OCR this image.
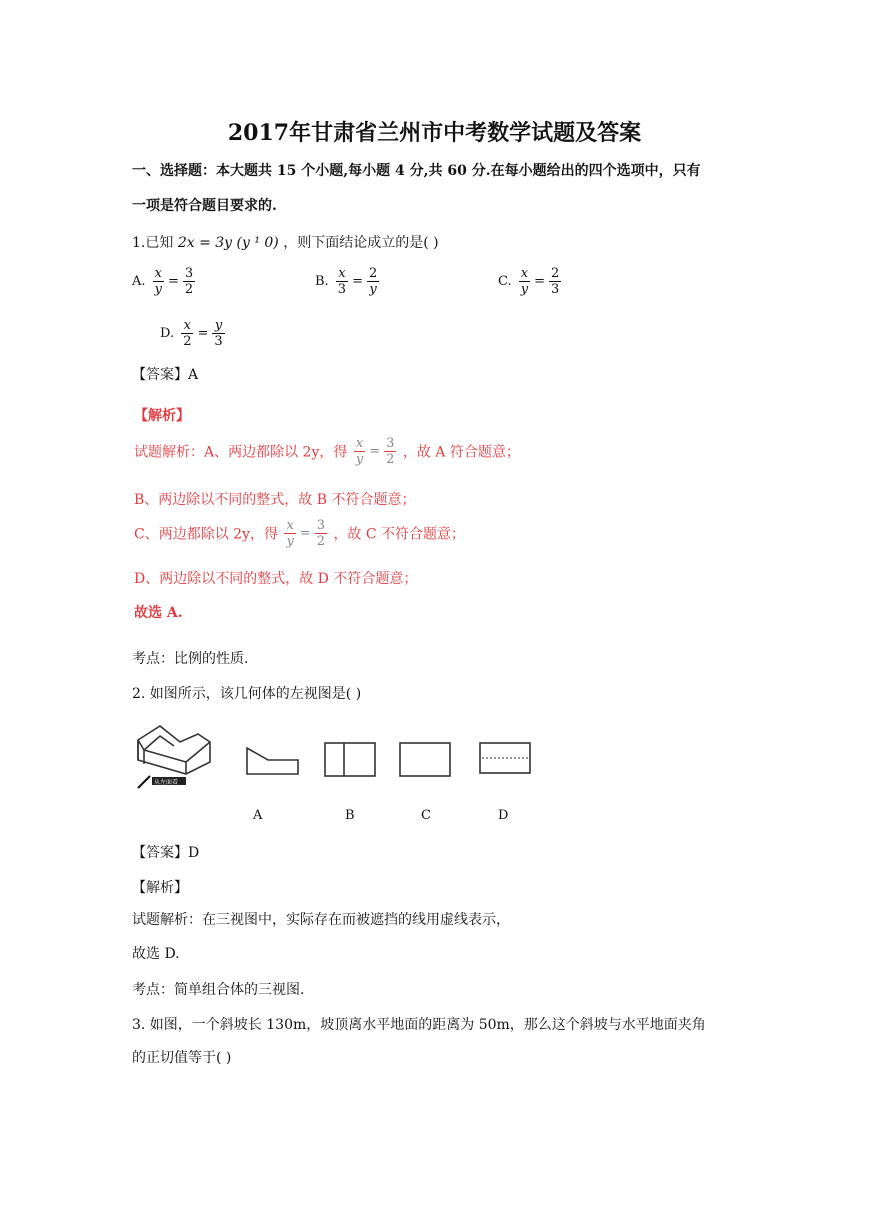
2017年甘肃省兰州市中考数学试题及答案
一、选择题：本大题共 15 个小题,每小题 4 分,共 60 分.在每小题给出的四个选项中，只有
一项是符合题目要求的.
1.已知 2x = 3y (y ¹ 0) ，则下面结论成立的是( )
A. $\frac{x}{y} = \frac{3}{2}$	B. $\frac{x}{3} = \frac{2}{y}$	C. $\frac{x}{y} = \frac{2}{3}$
D. $\frac{x}{2} = \frac{y}{3}$
【答案】A
【解析】
试题解析：A、两边都除以 2y，得 $\frac{x}{y} = \frac{3}{2}$ ，故 A 符合题意；
B、两边除以不同的整式，故 B 不符合题意；
C、两边都除以 2y，得 $\frac{x}{y} = \frac{3}{2}$ ，故 C 不符合题意；
D、两边除以不同的整式，故 D 不符合题意；
故选 A.
考点：比例的性质.
2. 如图所示，该几何体的左视图是( )
从左面看
A	B	C	D
【答案】D
【解析】
试题解析：在三视图中，实际存在而被遮挡的线用虚线表示，
故选 D.
考点：简单组合体的三视图.
3. 如图，一个斜坡长 130m，坡顶离水平地面的距离为 50m，那么这个斜坡与水平地面夹角
的正切值等于( )
